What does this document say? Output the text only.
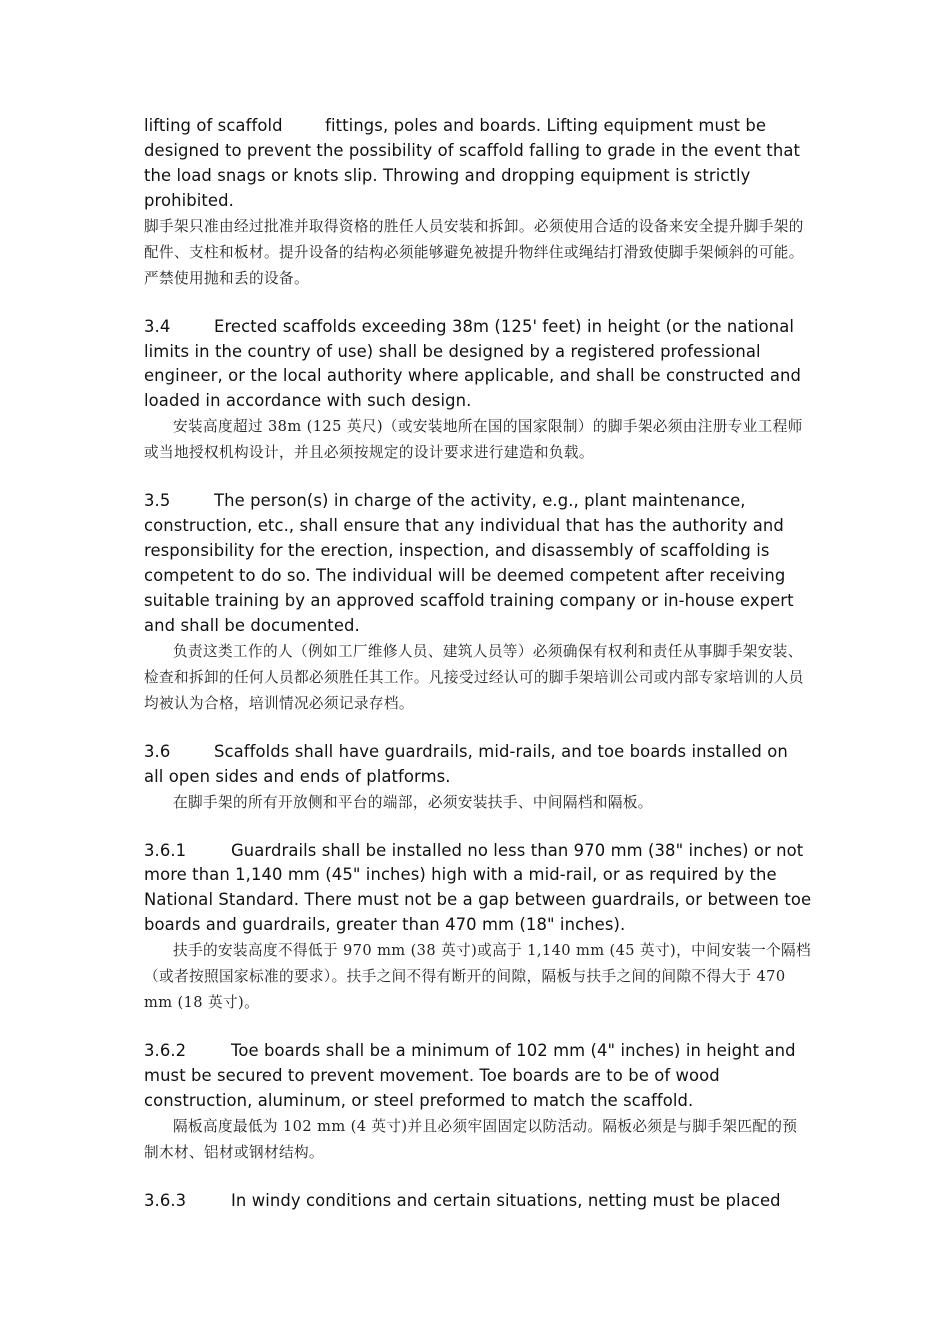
lifting of scaffold        fittings, poles and boards. Lifting equipment must be designed to prevent the possibility of scaffold falling to grade in the event that the load snags or knots slip. Throwing and dropping equipment is strictly prohibited.

脚手架只准由经过批准并取得资格的胜任人员安装和拆卸。必须使用合适的设备来安全提升脚手架的配件、支柱和板材。提升设备的结构必须能够避免被提升物绊住或绳结打滑致使脚手架倾斜的可能。严禁使用抛和丢的设备。

3.4	Erected scaffolds exceeding 38m (125' feet) in height (or the national limits in the country of use) shall be designed by a registered professional engineer, or the local authority where applicable, and shall be constructed and loaded in accordance with such design.

安装高度超过 38m (125 英尺)（或安装地所在国的国家限制）的脚手架必须由注册专业工程师或当地授权机构设计，并且必须按规定的设计要求进行建造和负载。

3.5	The person(s) in charge of the activity, e.g., plant maintenance, construction, etc., shall ensure that any individual that has the authority and responsibility for the erection, inspection, and disassembly of scaffolding is competent to do so. The individual will be deemed competent after receiving suitable training by an approved scaffold training company or in-house expert and shall be documented.

负责这类工作的人（例如工厂维修人员、建筑人员等）必须确保有权利和责任从事脚手架安装、检查和拆卸的任何人员都必须胜任其工作。凡接受过经认可的脚手架培训公司或内部专家培训的人员均被认为合格，培训情况必须记录存档。

3.6	Scaffolds shall have guardrails, mid-rails, and toe boards installed on all open sides and ends of platforms.

在脚手架的所有开放侧和平台的端部，必须安装扶手、中间隔档和隔板。

3.6.1	Guardrails shall be installed no less than 970 mm (38" inches) or not more than 1,140 mm (45" inches) high with a mid-rail, or as required by the National Standard. There must not be a gap between guardrails, or between toe boards and guardrails, greater than 470 mm (18" inches).

扶手的安装高度不得低于 970 mm (38 英寸)或高于 1,140 mm (45 英寸)，中间安装一个隔档（或者按照国家标准的要求）。扶手之间不得有断开的间隙，隔板与扶手之间的间隙不得大于 470 mm (18 英寸)。

3.6.2	Toe boards shall be a minimum of 102 mm (4" inches) in height and must be secured to prevent movement. Toe boards are to be of wood construction, aluminum, or steel preformed to match the scaffold.

隔板高度最低为 102 mm (4 英寸)并且必须牢固固定以防活动。隔板必须是与脚手架匹配的预制木材、铝材或钢材结构。

3.6.3	In windy conditions and certain situations, netting must be placed
